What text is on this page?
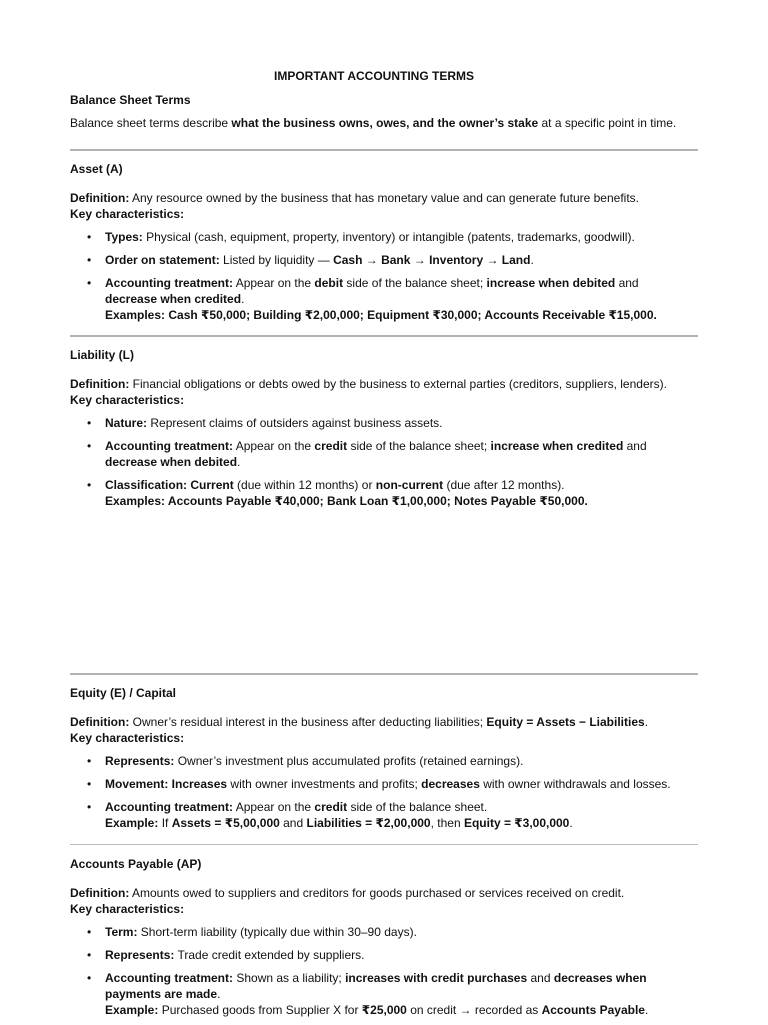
IMPORTANT ACCOUNTING TERMS
Balance Sheet Terms
Balance sheet terms describe what the business owns, owes, and the owner’s stake at a specific point in time.

Asset (A)

Definition: Any resource owned by the business that has monetary value and can generate future benefits.

Key characteristics:

• Types: Physical (cash, equipment, property, inventory) or intangible (patents, trademarks, goodwill).
• Order on statement: Listed by liquidity — Cash → Bank → Inventory → Land.
• Accounting treatment: Appear on the debit side of the balance sheet; increase when debited and decrease when credited.
Examples: Cash ₹50,000; Building ₹2,00,000; Equipment ₹30,000; Accounts Receivable ₹15,000.

Liability (L)

Definition: Financial obligations or debts owed by the business to external parties (creditors, suppliers, lenders).

Key characteristics:

• Nature: Represent claims of outsiders against business assets.
• Accounting treatment: Appear on the credit side of the balance sheet; increase when credited and decrease when debited.
• Classification: Current (due within 12 months) or non-current (due after 12 months).
Examples: Accounts Payable ₹40,000; Bank Loan ₹1,00,000; Notes Payable ₹50,000.

Equity (E) / Capital

Definition: Owner’s residual interest in the business after deducting liabilities; Equity = Assets − Liabilities.

Key characteristics:

• Represents: Owner’s investment plus accumulated profits (retained earnings).
• Movement: Increases with owner investments and profits; decreases with owner withdrawals and losses.
• Accounting treatment: Appear on the credit side of the balance sheet.
Example: If Assets = ₹5,00,000 and Liabilities = ₹2,00,000, then Equity = ₹3,00,000.

Accounts Payable (AP)

Definition: Amounts owed to suppliers and creditors for goods purchased or services received on credit.

Key characteristics:

• Term: Short-term liability (typically due within 30–90 days).
• Represents: Trade credit extended by suppliers.
• Accounting treatment: Shown as a liability; increases with credit purchases and decreases when payments are made.
Example: Purchased goods from Supplier X for ₹25,000 on credit → recorded as Accounts Payable.
